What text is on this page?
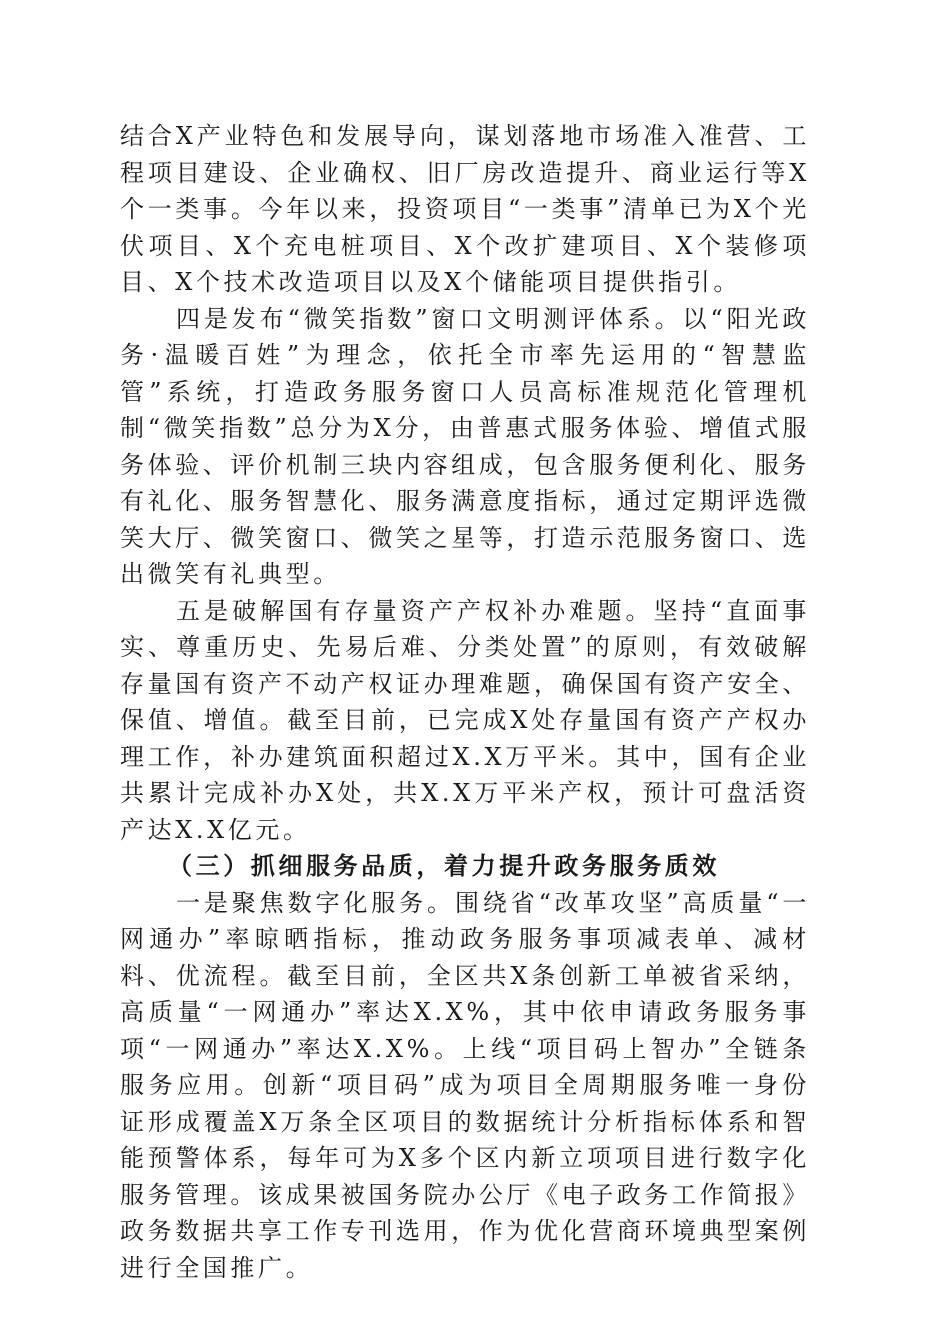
结合X产业特色和发展导向，谋划落地市场准入准营、工程项目建设、企业确权、旧厂房改造提升、商业运行等X个一类事。今年以来，投资项目“一类事”清单已为X个光伏项目、X个充电桩项目、X个改扩建项目、X个装修项目、X个技术改造项目以及X个储能项目提供指引。

四是发布“微笑指数”窗口文明测评体系。以“阳光政务·温暖百姓”为理念，依托全市率先运用的“智慧监管”系统，打造政务服务窗口人员高标准规范化管理机制“微笑指数”总分为X分，由普惠式服务体验、增值式服务体验、评价机制三块内容组成，包含服务便利化、服务有礼化、服务智慧化、服务满意度指标，通过定期评选微笑大厅、微笑窗口、微笑之星等，打造示范服务窗口、选出微笑有礼典型。

五是破解国有存量资产产权补办难题。坚持“直面事实、尊重历史、先易后难、分类处置”的原则，有效破解存量国有资产不动产权证办理难题，确保国有资产安全、保值、增值。截至目前，已完成X处存量国有资产产权办理工作，补办建筑面积超过X.X万平米。其中，国有企业共累计完成补办X处，共X.X万平米产权，预计可盘活资产达X.X亿元。

（三）抓细服务品质，着力提升政务服务质效

一是聚焦数字化服务。围绕省“改革攻坚”高质量“一网通办”率晾晒指标，推动政务服务事项减表单、减材料、优流程。截至目前，全区共X条创新工单被省采纳，高质量“一网通办”率达X.X%，其中依申请政务服务事项“一网通办”率达X.X%。上线“项目码上智办”全链条服务应用。创新“项目码”成为项目全周期服务唯一身份证形成覆盖X万条全区项目的数据统计分析指标体系和智能预警体系，每年可为X多个区内新立项项目进行数字化服务管理。该成果被国务院办公厅《电子政务工作简报》政务数据共享工作专刊选用，作为优化营商环境典型案例进行全国推广。
